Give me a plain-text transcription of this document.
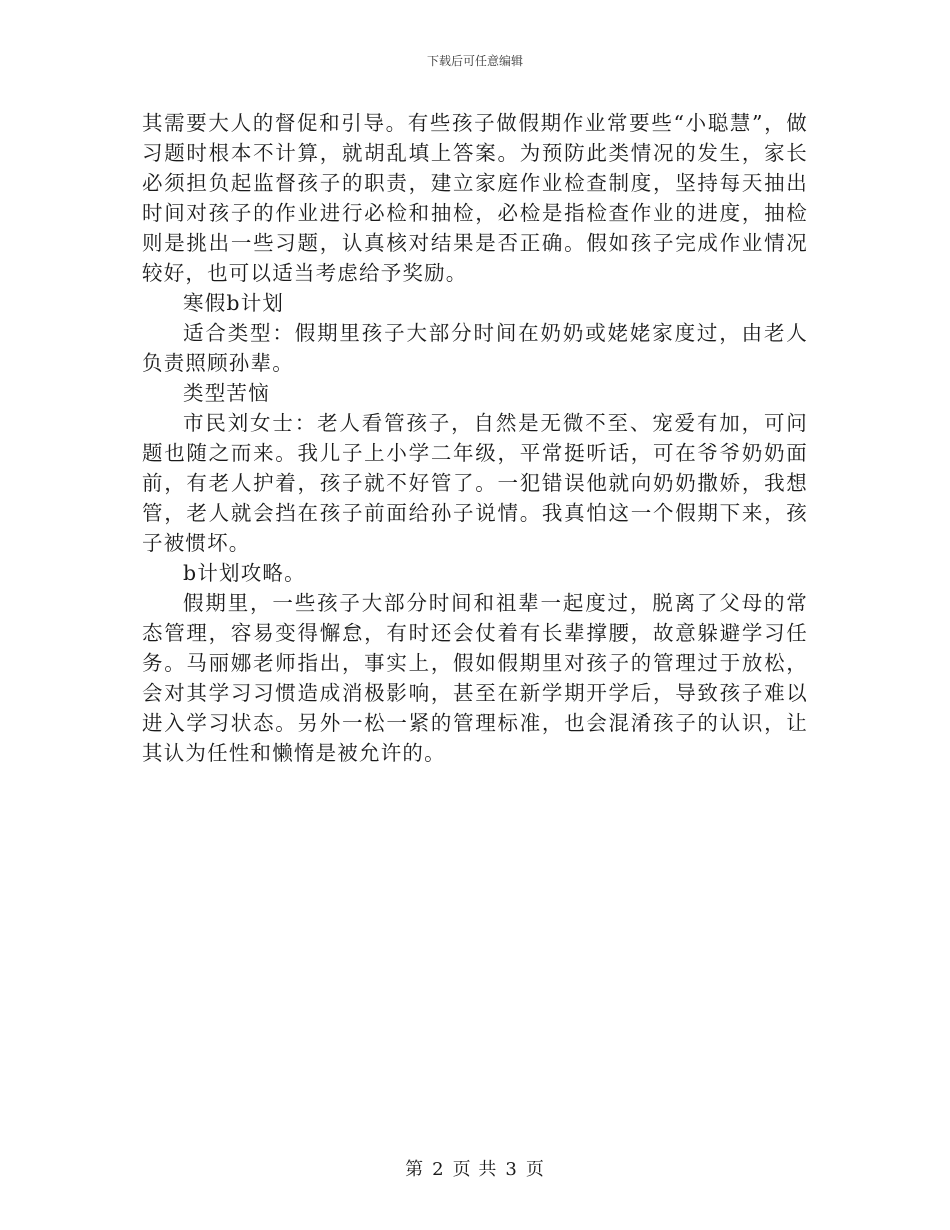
下载后可任意编辑

其需要大人的督促和引导。有些孩子做假期作业常要些“小聪慧”，做习题时根本不计算，就胡乱填上答案。为预防此类情况的发生，家长必须担负起监督孩子的职责，建立家庭作业检查制度，坚持每天抽出时间对孩子的作业进行必检和抽检，必检是指检查作业的进度，抽检则是挑出一些习题，认真核对结果是否正确。假如孩子完成作业情况较好，也可以适当考虑给予奖励。

寒假b计划

适合类型：假期里孩子大部分时间在奶奶或姥姥家度过，由老人负责照顾孙辈。

类型苦恼

市民刘女士：老人看管孩子，自然是无微不至、宠爱有加，可问题也随之而来。我儿子上小学二年级，平常挺听话，可在爷爷奶奶面前，有老人护着，孩子就不好管了。一犯错误他就向奶奶撒娇，我想管，老人就会挡在孩子前面给孙子说情。我真怕这一个假期下来，孩子被惯坏。

b计划攻略。

假期里，一些孩子大部分时间和祖辈一起度过，脱离了父母的常态管理，容易变得懈怠，有时还会仗着有长辈撑腰，故意躲避学习任务。马丽娜老师指出，事实上，假如假期里对孩子的管理过于放松，会对其学习习惯造成消极影响，甚至在新学期开学后，导致孩子难以进入学习状态。另外一松一紧的管理标准，也会混淆孩子的认识，让其认为任性和懒惰是被允许的。

第 2 页 共 3 页
